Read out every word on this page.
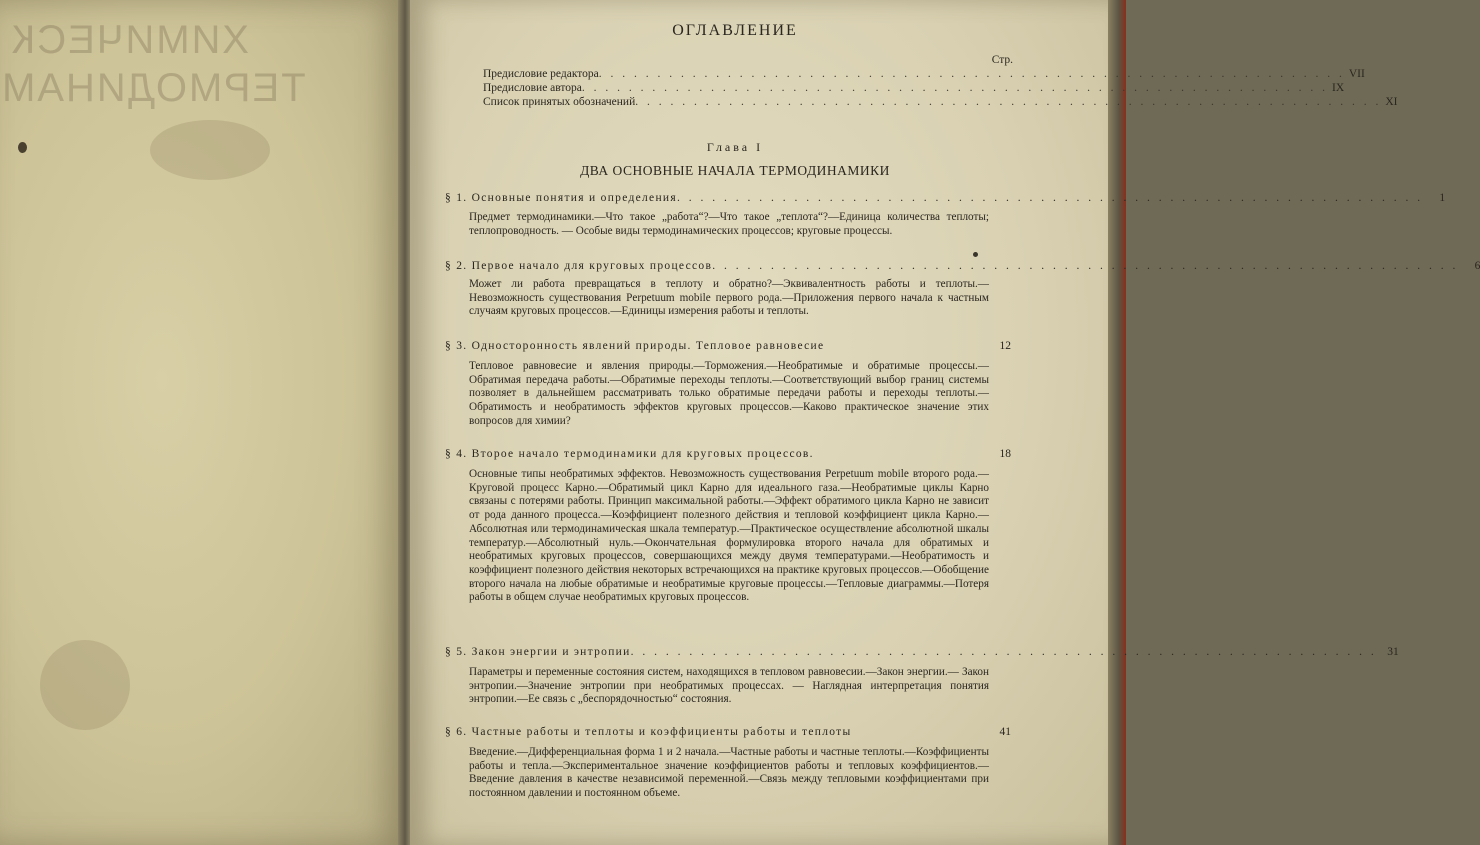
ХИМИЧЕСК
ТЕРМОДИНАМ
ОГЛАВЛЕНИЕ
Стр.
Предисловие редактора . . . . . . . . . . . . . . . . . . . . . . . . . . . . . . . . . . . . . . . . . . . . . . . . . . . . . . . . . . . . . . . . VII
Предисловие автора . . . . . . . . . . . . . . . . . . . . . . . . . . . . . . . . . . . . . . . . . . . . . . . . . . . . . . . . . . . . . . . . IX
Список принятых обозначений . . . . . . . . . . . . . . . . . . . . . . . . . . . . . . . . . . . . . . . . . . . . . . . . . . . . . . . . . . . . . . . . XI
Глава I
ДВА ОСНОВНЫЕ НАЧАЛА ТЕРМОДИНАМИКИ
§ 1. Основные понятия и определения . . . . . . . . . . . . . . . . . . . . . . . . . . . . . . . . . . . . . . . . . . . . . . . . . . . . . . . . . . . . . . . .	1
Предмет термодинамики.—Что такое „работа“?—Что такое „теплота“?—Единица количества теплоты; теплопроводность. — Особые виды термодинамических процессов; круговые процессы.
§ 2. Первое начало для круговых процессов . . . . . . . . . . . . . . . . . . . . . . . . . . . . . . . . . . . . . . . . . . . . . . . . . . . . . . . . . . . . . . . .	6
Может ли работа превращаться в теплоту и обратно?—Эквивалентность работы и теплоты.—Невозможность существования Perpetuum mobile первого рода.—Приложения первого начала к частным случаям круговых процессов.—Единицы измерения работы и теплоты.
§ 3. Односторонность явлений природы. Тепловое равновесие	12
Тепловое равновесие и явления природы.—Торможения.—Необратимые и обратимые процессы.—Обратимая передача работы.—Обратимые переходы теплоты.—Соответствующий выбор границ системы позволяет в дальнейшем рассматривать только обратимые передачи работы и переходы теплоты.—Обратимость и необратимость эффектов круговых процессов.—Каково практическое значение этих вопросов для химии?
§ 4. Второе начало термодинамики для круговых процессов.	18
Основные типы необратимых эффектов. Невозможность существования Perpetuum mobile второго рода.—Круговой процесс Карно.—Обратимый цикл Карно для идеального газа.—Необратимые циклы Карно связаны с потерями работы. Принцип максимальной работы.—Эффект обратимого цикла Карно не зависит от рода данного процесса.—Коэффициент полезного действия и тепловой коэффициент цикла Карно.—Абсолютная или термодинамическая шкала температур.—Практическое осуществление абсолютной шкалы температур.—Абсолютный нуль.—Окончательная формулировка второго начала для обратимых и необратимых круговых процессов, совершающихся между двумя температурами.—Необратимость и коэффициент полезного действия некоторых встречающихся на практике круговых процессов.—Обобщение второго начала на любые обратимые и необратимые круговые процессы.—Тепловые диаграммы.—Потеря работы в общем случае необратимых круговых процессов.
§ 5. Закон энергии и энтропии . . . . . . . . . . . . . . . . . . . . . . . . . . . . . . . . . . . . . . . . . . . . . . . . . . . . . . . . . . . . . . . . 31
Параметры и переменные состояния систем, находящихся в тепловом равновесии.—Закон энергии.— Закон энтропии.—Значение энтропии при необратимых процессах. — Наглядная интерпретация понятия энтропии.—Ее связь с „беспорядочностью“ состояния.
§ 6. Частные работы и теплоты и коэффициенты работы и теплоты	41
Введение.—Дифференциальная форма 1 и 2 начала.—Частные работы и частные теплоты.—Коэффициенты работы и тепла.—Экспериментальное значение коэффициентов работы и тепловых коэффициентов.—Введение давления в качестве независимой переменной.—Связь между тепловыми коэффициентами при постоянном давлении и постоянном объеме.
